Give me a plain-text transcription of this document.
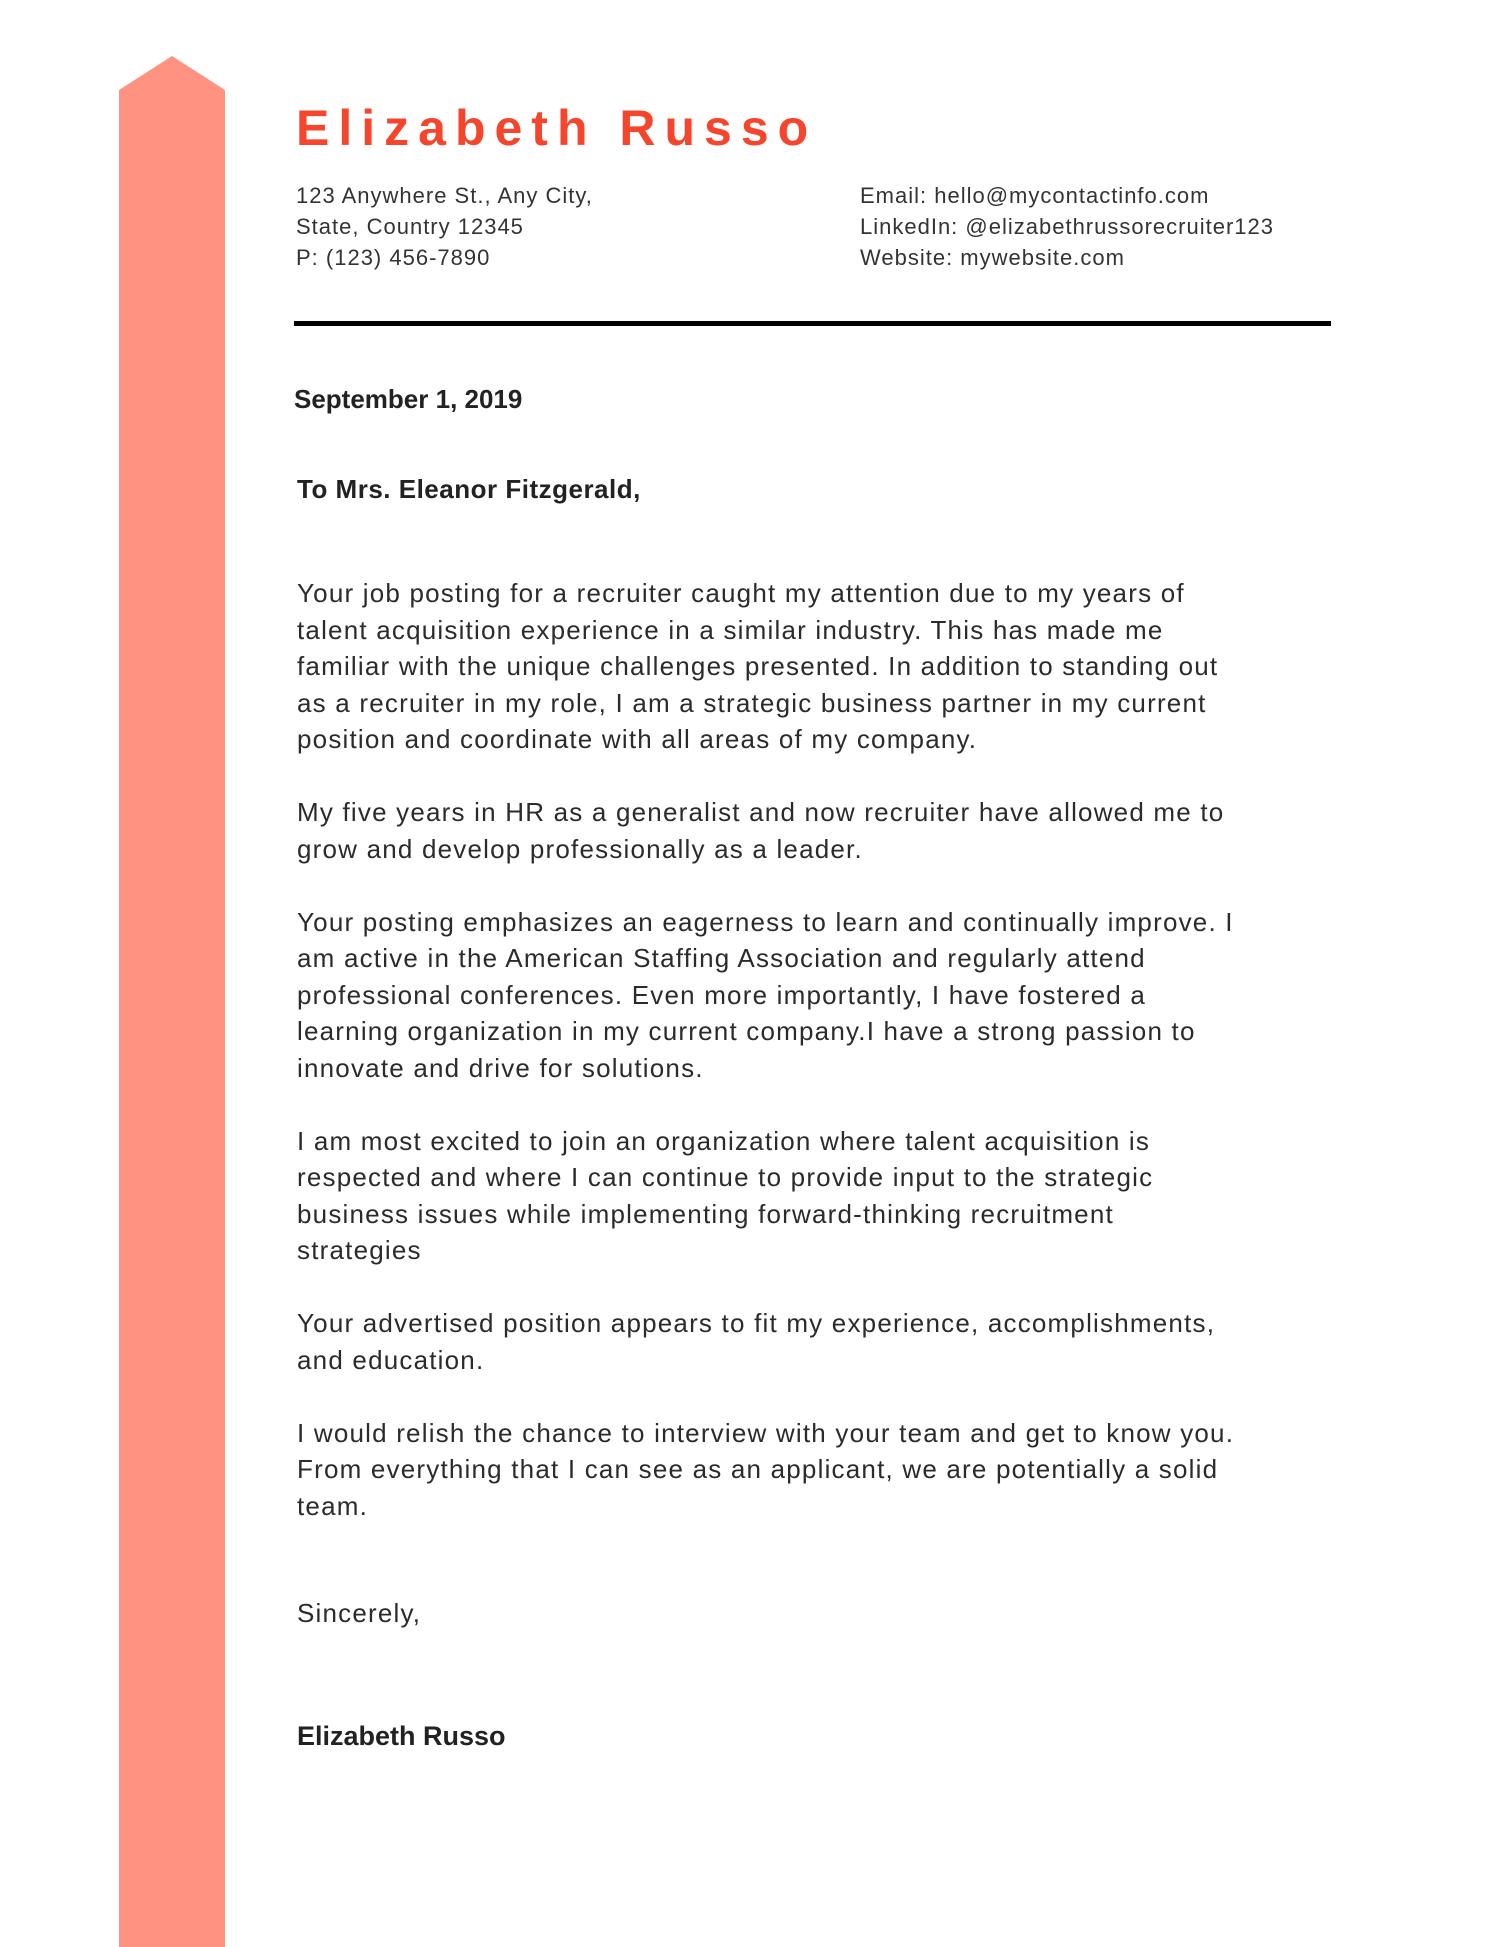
Elizabeth Russo
123 Anywhere St., Any City,
State, Country 12345
P: (123) 456-7890
Email: hello@mycontactinfo.com
LinkedIn: @elizabethrussorecruiter123
Website: mywebsite.com
September 1, 2019
To Mrs. Eleanor Fitzgerald,

Your job posting for a recruiter caught my attention due to my years of
talent acquisition experience in a similar industry. This has made me
familiar with the unique challenges presented. In addition to standing out
as a recruiter in my role, I am a strategic business partner in my current
position and coordinate with all areas of my company.

My five years in HR as a generalist and now recruiter have allowed me to
grow and develop professionally as a leader.

Your posting emphasizes an eagerness to learn and continually improve. I
am active in the American Staffing Association and regularly attend
professional conferences. Even more importantly, I have fostered a
learning organization in my current company.I have a strong passion to
innovate and drive for solutions.

I am most excited to join an organization where talent acquisition is
respected and where I can continue to provide input to the strategic
business issues while implementing forward-thinking recruitment
strategies

Your advertised position appears to fit my experience, accomplishments,
and education.

I would relish the chance to interview with your team and get to know you.
From everything that I can see as an applicant, we are potentially a solid
team.

Sincerely,
Elizabeth Russo
